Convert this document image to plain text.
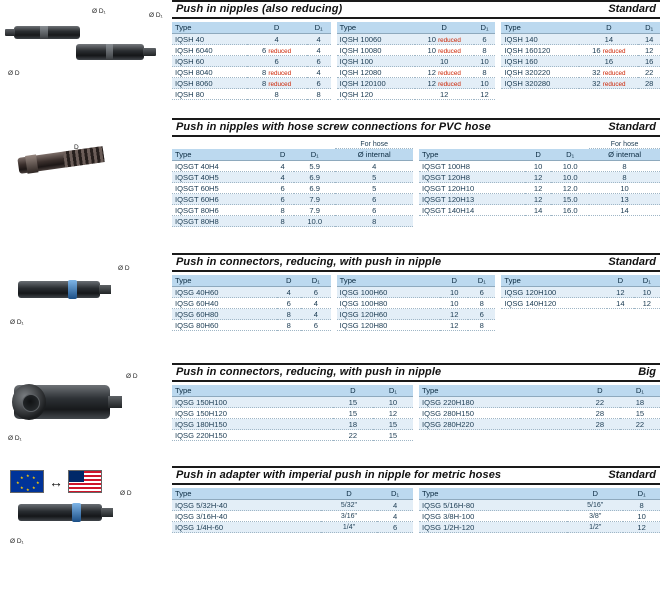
Ø D₁
Ø D₁
Ø D
Push in nipples (also reducing)	Standard
Type	D	D₁
IQSH 40	4	4
IQSH 6040	6 reduced	4
IQSH 60	6	6
IQSH 8040	8 reduced	4
IQSH 8060	8 reduced	6
IQSH 80	8	8
Type	D	D₁
IQSH 10060	10 reduced	6
IQSH 10080	10 reduced	8
IQSH 100	10	10
IQSH 12080	12 reduced	8
IQSH 120100	12 reduced	10
IQSH 120	12	12
Type	D	D₁
IQSH 140	14	14
IQSH 160120	16 reduced	12
IQSH 160	16	16
IQSH 320220	32 reduced	22
IQSH 320280	32 reduced	28
D
Push in nipples with hose screw connections for PVC hose	Standard
			For hose
Type	D	D₁	Ø internal
IQSGT 40H4	4	5.9	4
IQSGT 40H5	4	6.9	5
IQSGT 60H5	6	6.9	5
IQSGT 60H6	6	7.9	6
IQSGT 80H6	8	7.9	6
IQSGT 80H8	8	10.0	8
			For hose
Type	D	D₁	Ø internal
IQSGT 100H8	10	10.0	8
IQSGT 120H8	12	10.0	8
IQSGT 120H10	12	12.0	10
IQSGT 120H13	12	15.0	13
IQSGT 140H14	14	16.0	14
Ø D
Ø D₁
Push in connectors, reducing, with push in nipple	Standard
Type	D	D₁
IQSG 40H60	4	6
IQSG 60H40	6	4
IQSG 60H80	8	4
IQSG 80H60	8	6
Type	D	D₁
IQSG 100H60	10	6
IQSG 100H80	10	8
IQSG 120H60	12	6
IQSG 120H80	12	8
Type	D	D₁
IQSG 120H100	12	10
IQSG 140H120	14	12
Ø D
Ø D₁
Push in connectors, reducing, with push in nipple	Big
Type	D	D₁
IQSG 150H100	15	10
IQSG 150H120	15	12
IQSG 180H150	18	15
IQSG 220H150	22	15
Type	D	D₁
IQSG 220H180	22	18
IQSG 280H150	28	15
IQSG 280H220	28	22
★ ★
★
★
★
★
★
★ ↔
Ø D
Ø D₁
Push in adapter with imperial push in nipple for metric hoses	Standard
Type	D	D₁
IQSG 5/32H-40	5/32"	4
IQSG 3/16H-40	3/16"	4
IQSG 1/4H-60	1/4"	6
Type	D	D₁
IQSG 5/16H-80	5/16"	8
IQSG 3/8H-100	3/8"	10
IQSG 1/2H-120	1/2"	12
